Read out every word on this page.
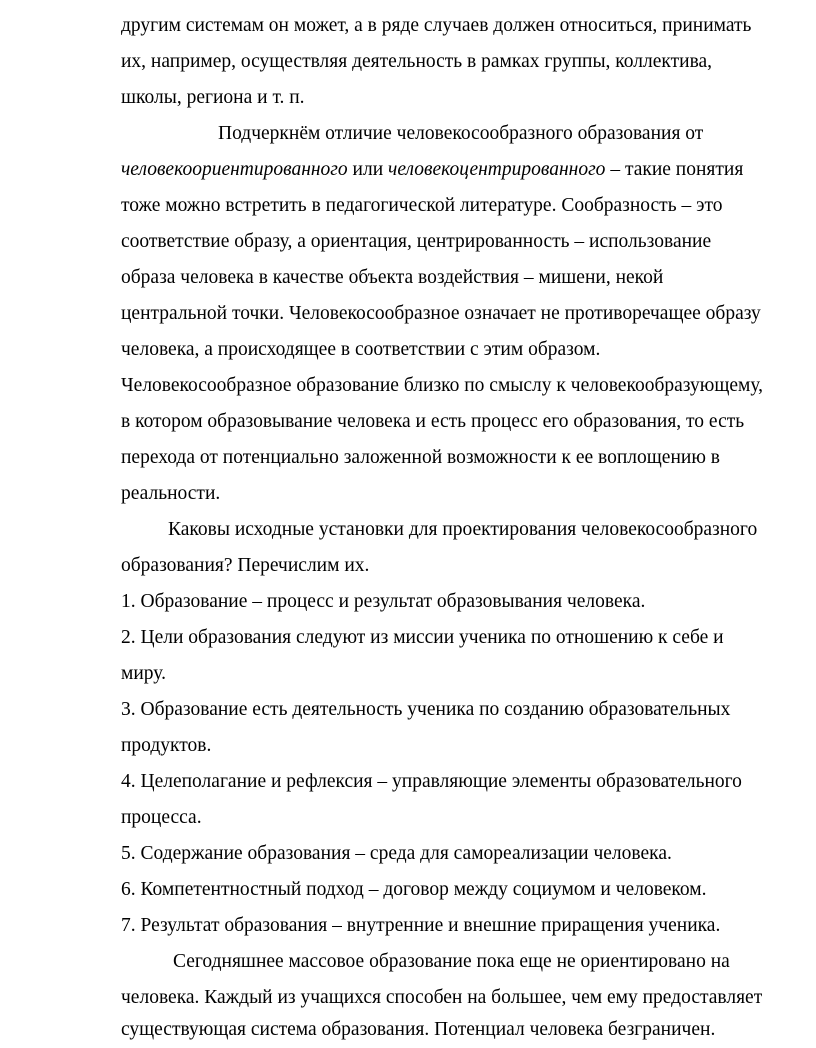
другим системам он может, а в ряде случаев должен относиться, принимать
их, например, осуществляя деятельность в рамках группы, коллектива,
школы, региона и т. п.
Подчеркнём отличие человекосообразного образования от
человекоориентированного или человекоцентрированного – такие понятия
тоже можно встретить в педагогической литературе. Сообразность – это
соответствие образу, а ориентация, центрированность – использование
образа человека в качестве объекта воздействия – мишени, некой
центральной точки. Человекосообразное означает не противоречащее образу
человека, а происходящее в соответствии с этим образом.
Человекосообразное образование близко по смыслу к человекообразующему,
в котором образовывание человека и есть процесс его образования, то есть
перехода от потенциально заложенной возможности к ее воплощению в
реальности.
Каковы исходные установки для проектирования человекосообразного
образования? Перечислим их.
1. Образование – процесс и результат образовывания человека.
2. Цели образования следуют из миссии ученика по отношению к себе и
миру.
3. Образование есть деятельность ученика по созданию образовательных
продуктов.
4. Целеполагание и рефлексия – управляющие элементы образовательного
процесса.
5. Содержание образования – среда для самореализации человека.
6. Компетентностный подход – договор между социумом и человеком.
7. Результат образования – внутренние и внешние приращения ученика.
Сегодняшнее массовое образование пока еще не ориентировано на
человека. Каждый из учащихся способен на большее, чем ему предоставляет
существующая система образования. Потенциал человека безграничен.
